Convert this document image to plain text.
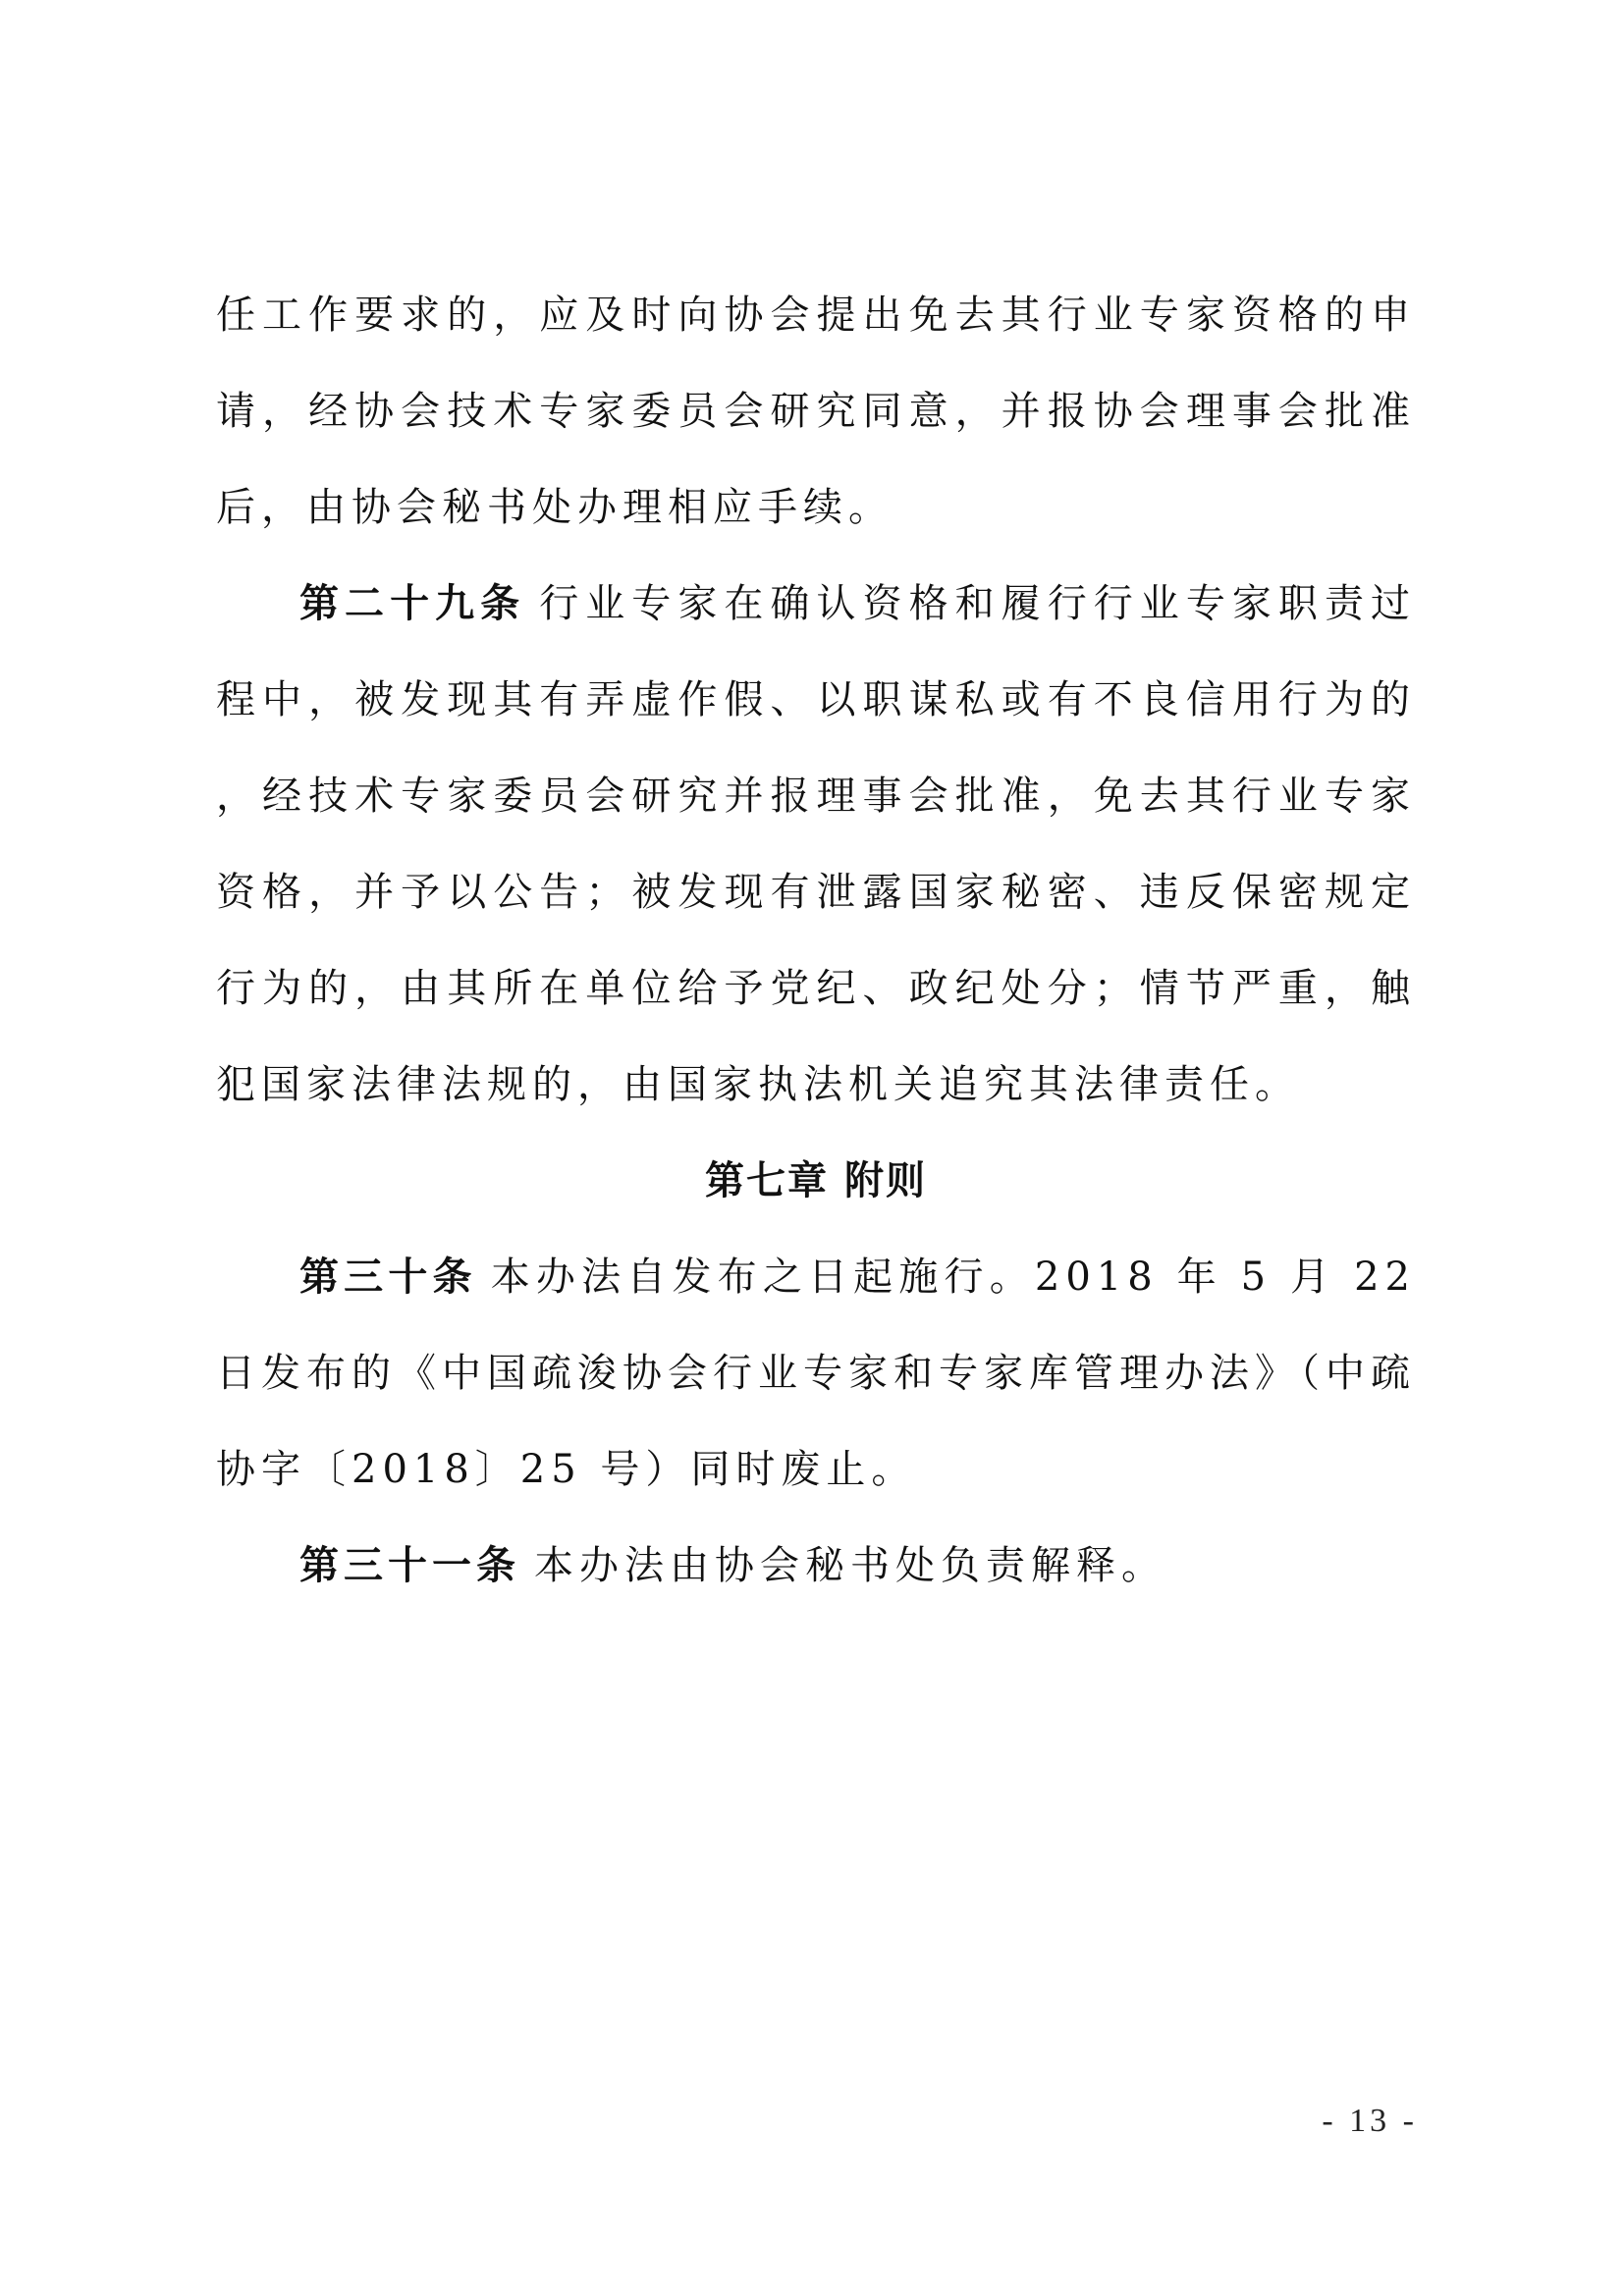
任工作要求的，应及时向协会提出免去其行业专家资格的申请，经协会技术专家委员会研究同意，并报协会理事会批准后，由协会秘书处办理相应手续。

第二十九条 行业专家在确认资格和履行行业专家职责过程中，被发现其有弄虚作假、以职谋私或有不良信用行为的，经技术专家委员会研究并报理事会批准，免去其行业专家资格，并予以公告；被发现有泄露国家秘密、违反保密规定行为的，由其所在单位给予党纪、政纪处分；情节严重，触犯国家法律法规的，由国家执法机关追究其法律责任。

第七章 附则

第三十条 本办法自发布之日起施行。2018 年 5 月 22 日发布的《中国疏浚协会行业专家和专家库管理办法》（中疏协字〔2018〕25 号）同时废止。

第三十一条 本办法由协会秘书处负责解释。

- 13 -
